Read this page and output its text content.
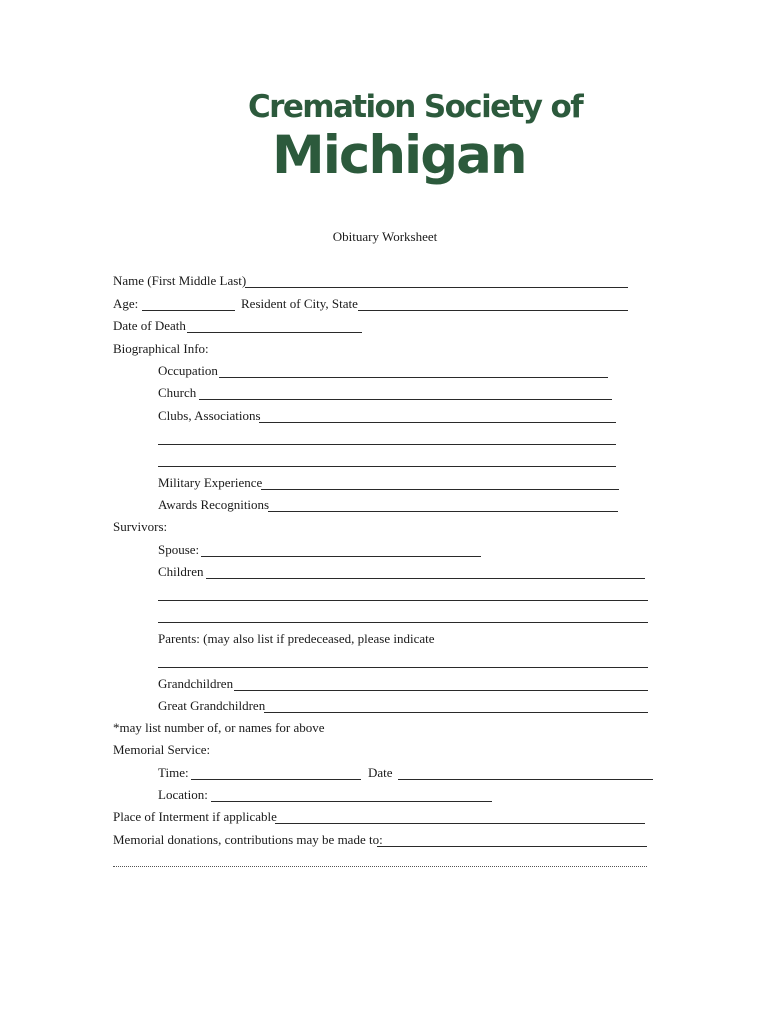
Cremation Society of
Michigan
Obituary Worksheet
Name (First Middle Last)
Age:	Resident of City, State
Date of Death
Biographical Info:
Occupation
Church
Clubs, Associations
Military Experience
Awards Recognitions
Survivors:
Spouse:
Children
Parents: (may also list if predeceased, please indicate
Grandchildren
Great Grandchildren
*may list number of, or names for above
Memorial Service:
Time:	Date
Location:
Place of Interment if applicable
Memorial donations, contributions may be made to:
